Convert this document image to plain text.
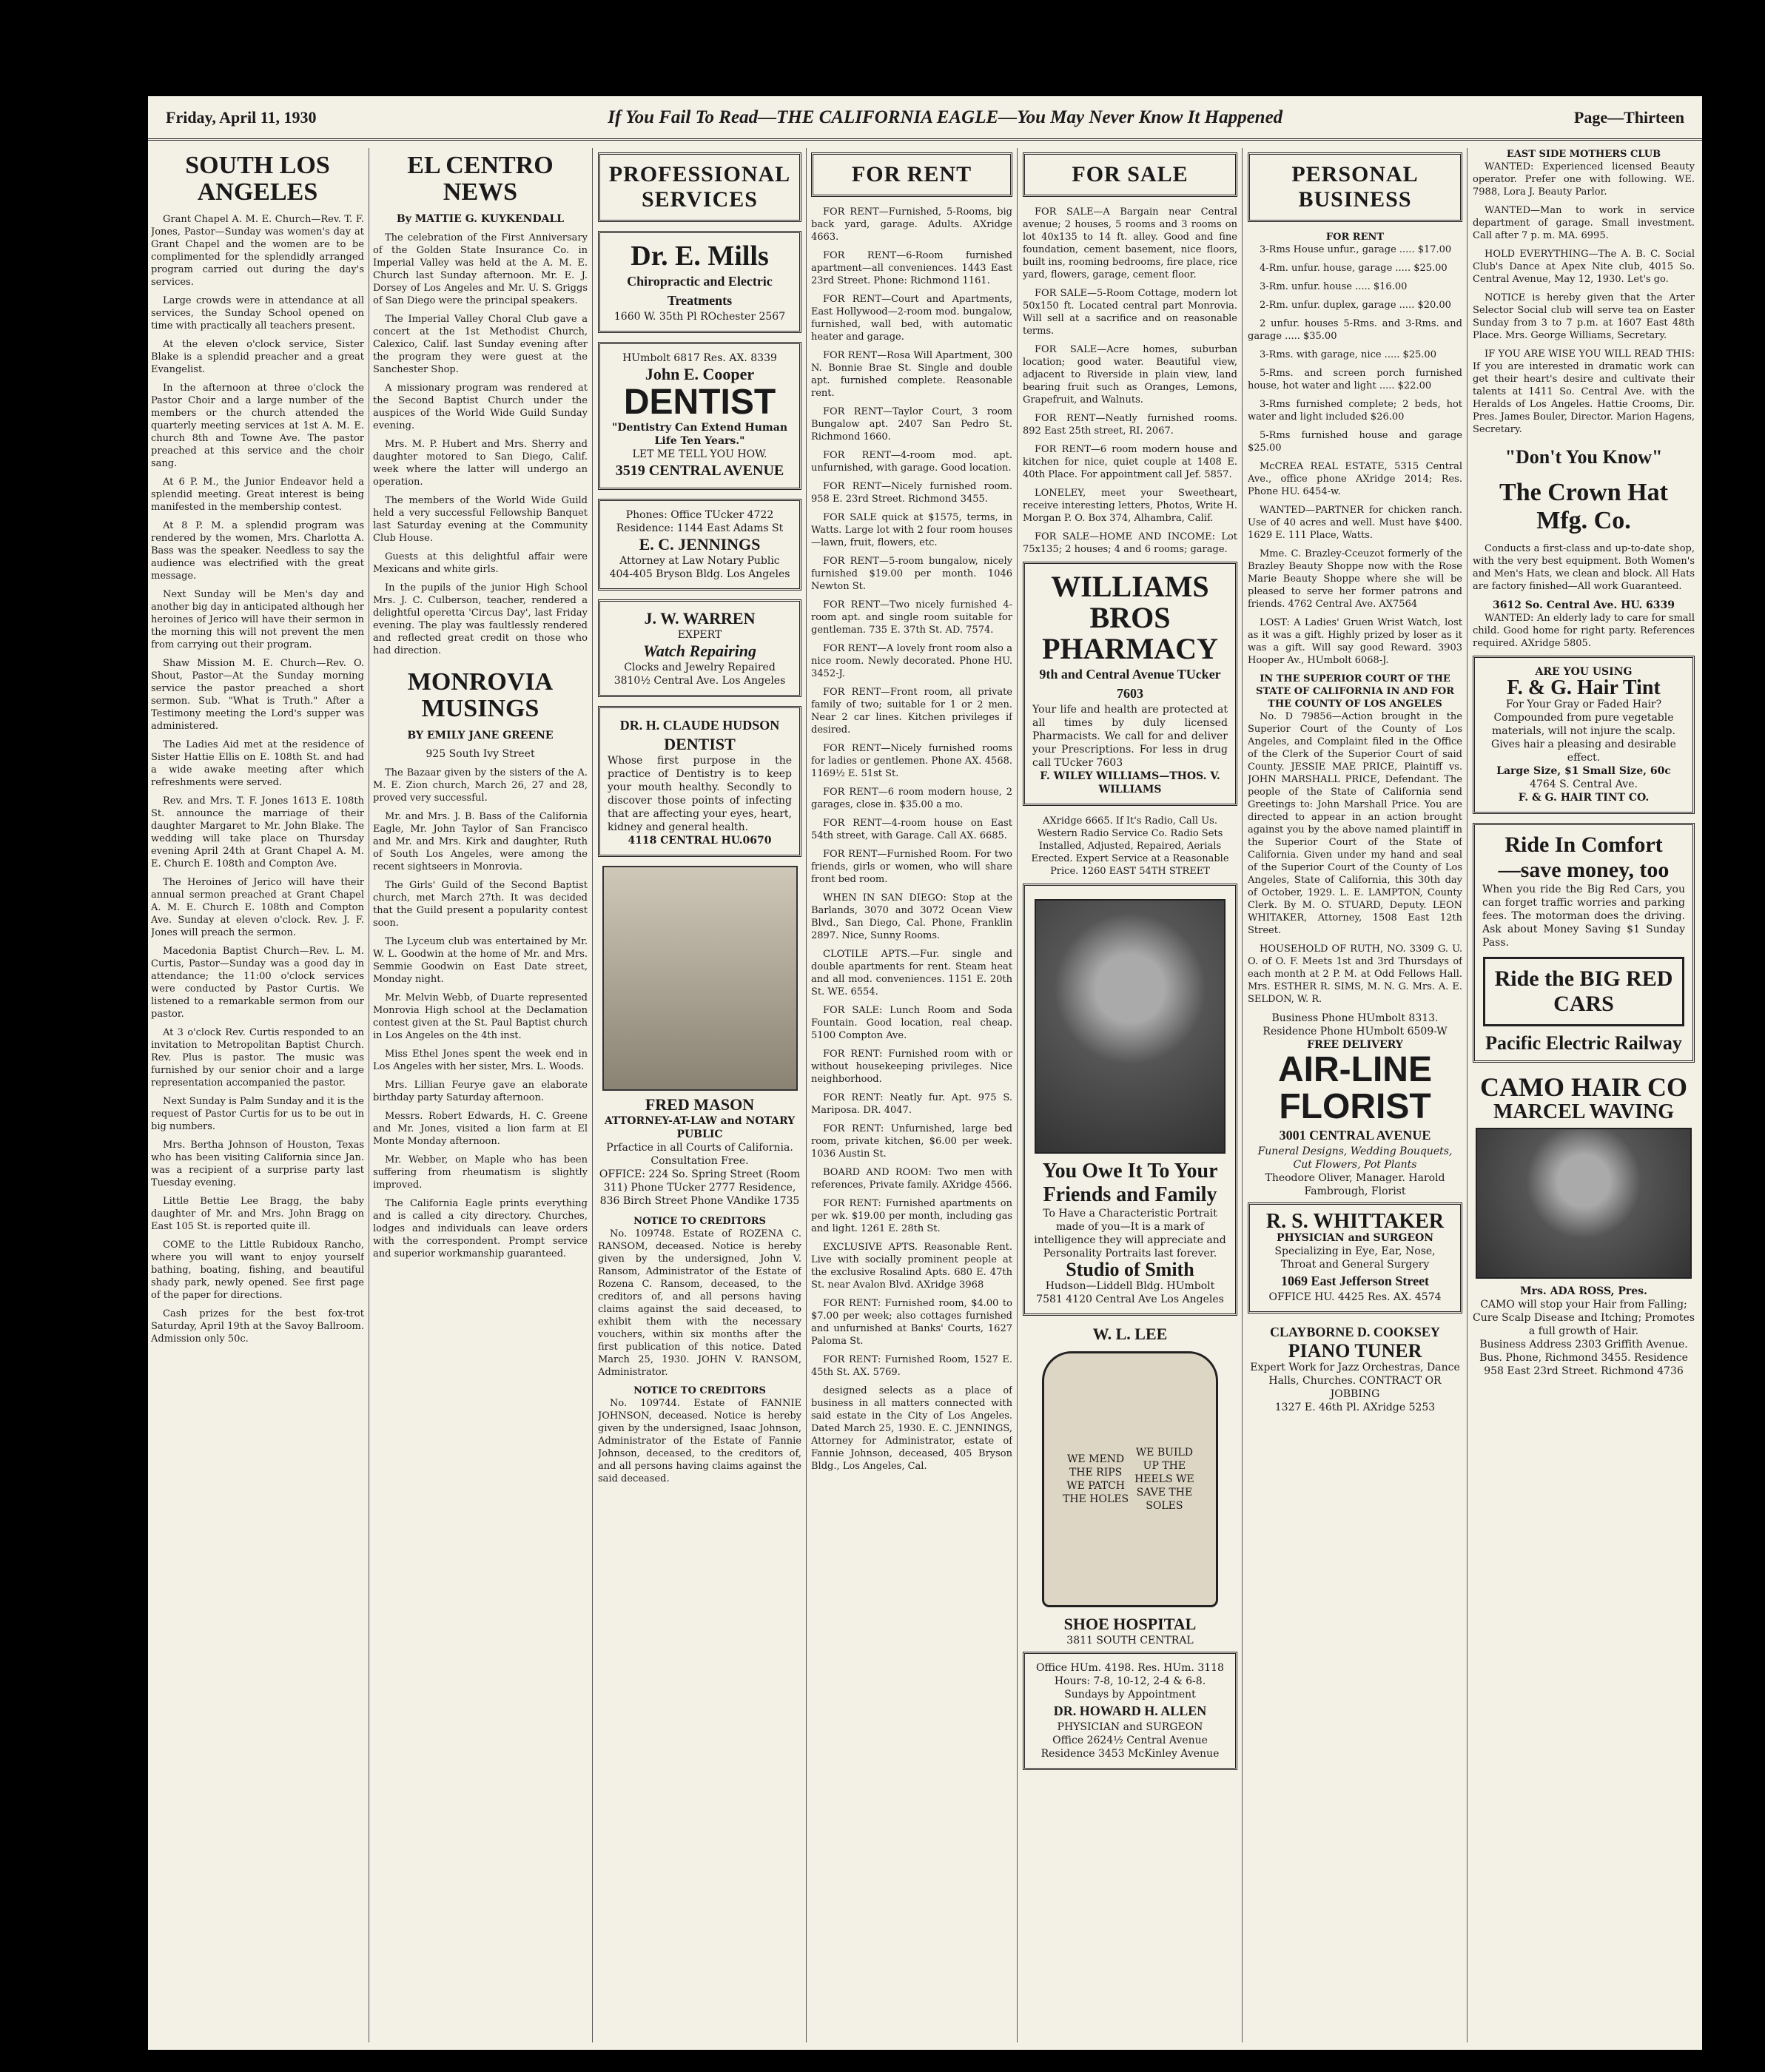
Friday, April 11, 1930	If You Fail To Read—THE CALIFORNIA EAGLE—You May Never Know It Happened	Page—Thirteen
SOUTH LOS ANGELES

Grant Chapel A. M. E. Church—Rev. T. F. Jones, Pastor—Sunday was women's day at Grant Chapel and the women are to be complimented for the splendidly arranged program carried out during the day's services.

Large crowds were in attendance at all services, the Sunday School opened on time with practically all teachers present.

At the eleven o'clock service, Sister Blake is a splendid preacher and a great Evangelist.

In the afternoon at three o'clock the Pastor Choir and a large number of the members or the church attended the quarterly meeting services at 1st A. M. E. church 8th and Towne Ave. The pastor preached at this service and the choir sang.

At 6 P. M., the Junior Endeavor held a splendid meeting. Great interest is being manifested in the membership contest.

At 8 P. M. a splendid program was rendered by the women, Mrs. Charlotta A. Bass was the speaker. Needless to say the audience was electrified with the great message.

Next Sunday will be Men's day and another big day in anticipated although her heroines of Jerico will have their sermon in the morning this will not prevent the men from carrying out their program.

Shaw Mission M. E. Church—Rev. O. Shout, Pastor—At the Sunday morning service the pastor preached a short sermon. Sub. "What is Truth." After a Testimony meeting the Lord's supper was administered.

The Ladies Aid met at the residence of Sister Hattie Ellis on E. 108th St. and had a wide awake meeting after which refreshments were served.

Rev. and Mrs. T. F. Jones 1613 E. 108th St. announce the marriage of their daughter Margaret to Mr. John Blake. The wedding will take place on Thursday evening April 24th at Grant Chapel A. M. E. Church E. 108th and Compton Ave.

The Heroines of Jerico will have their annual sermon preached at Grant Chapel A. M. E. Church E. 108th and Compton Ave. Sunday at eleven o'clock. Rev. J. F. Jones will preach the sermon.

Macedonia Baptist Church—Rev. L. M. Curtis, Pastor—Sunday was a good day in attendance; the 11:00 o'clock services were conducted by Pastor Curtis. We listened to a remarkable sermon from our pastor.

At 3 o'clock Rev. Curtis responded to an invitation to Metropolitan Baptist Church. Rev. Plus is pastor. The music was furnished by our senior choir and a large representation accompanied the pastor.

Next Sunday is Palm Sunday and it is the request of Pastor Curtis for us to be out in big numbers.

Mrs. Bertha Johnson of Houston, Texas who has been visiting California since Jan. was a recipient of a surprise party last Tuesday evening.

Little Bettie Lee Bragg, the baby daughter of Mr. and Mrs. John Bragg on East 105 St. is reported quite ill.

COME to the Little Rubidoux Rancho, where you will want to enjoy yourself bathing, boating, fishing, and beautiful shady park, newly opened. See first page of the paper for directions.

Cash prizes for the best fox-trot Saturday, April 19th at the Savoy Ballroom. Admission only 50c.

EL CENTRO NEWS
By MATTIE G. KUYKENDALL

The celebration of the First Anniversary of the Golden State Insurance Co. in Imperial Valley was held at the A. M. E. Church last Sunday afternoon. Mr. E. J. Dorsey of Los Angeles and Mr. U. S. Griggs of San Diego were the principal speakers.

The Imperial Valley Choral Club gave a concert at the 1st Methodist Church, Calexico, Calif. last Sunday evening after the program they were guest at the Sanchester Shop.

A missionary program was rendered at the Second Baptist Church under the auspices of the World Wide Guild Sunday evening.

Mrs. M. P. Hubert and Mrs. Sherry and daughter motored to San Diego, Calif. week where the latter will undergo an operation.

The members of the World Wide Guild held a very successful Fellowship Banquet last Saturday evening at the Community Club House.

Guests at this delightful affair were Mexicans and white girls.

In the pupils of the junior High School Mrs. J. C. Culberson, teacher, rendered a delightful operetta 'Circus Day', last Friday evening. The play was faultlessly rendered and reflected great credit on those who had direction.

MONROVIA MUSINGS
BY EMILY JANE GREENE
925 South Ivy Street

The Bazaar given by the sisters of the A. M. E. Zion church, March 26, 27 and 28, proved very successful.

Mr. and Mrs. J. B. Bass of the California Eagle, Mr. John Taylor of San Francisco and Mr. and Mrs. Kirk and daughter, Ruth of South Los Angeles, were among the recent sightseers in Monrovia.

The Girls' Guild of the Second Baptist church, met March 27th. It was decided that the Guild present a popularity contest soon.

The Lyceum club was entertained by Mr. W. L. Goodwin at the home of Mr. and Mrs. Semmie Goodwin on East Date street, Monday night.

Mr. Melvin Webb, of Duarte represented Monrovia High school at the Declamation contest given at the St. Paul Baptist church in Los Angeles on the 4th inst.

Miss Ethel Jones spent the week end in Los Angeles with her sister, Mrs. L. Woods.

Mrs. Lillian Feurye gave an elaborate birthday party Saturday afternoon.

Messrs. Robert Edwards, H. C. Greene and Mr. Jones, visited a lion farm at El Monte Monday afternoon.

Mr. Webber, on Maple who has been suffering from rheumatism is slightly improved.

The California Eagle prints everything and is called a city directory. Churches, lodges and individuals can leave orders with the correspondent. Prompt service and superior workmanship guaranteed.

PROFESSIONAL SERVICES
Dr. E. Mills
Chiropractic and Electric Treatments
1660 W. 35th Pl ROchester 2567
HUmbolt 6817 Res. AX. 8339
John E. Cooper
DENTIST
"Dentistry Can Extend Human Life Ten Years."
LET ME TELL YOU HOW.
3519 CENTRAL AVENUE
Phones: Office TUcker 4722 Residence: 1144 East Adams St
E. C. JENNINGS
Attorney at Law Notary Public
404-405 Bryson Bldg. Los Angeles
J. W. WARREN
EXPERT
Watch Repairing
Clocks and Jewelry Repaired
3810½ Central Ave. Los Angeles
DR. H. CLAUDE HUDSON
DENTIST
Whose first purpose in the practice of Dentistry is to keep your mouth healthy. Secondly to discover those points of infecting that are affecting your eyes, heart, kidney and general health.
4118 CENTRAL HU.0670
FRED MASON
ATTORNEY-AT-LAW and NOTARY PUBLIC
Prfactice in all Courts of California. Consultation Free.
OFFICE: 224 So. Spring Street (Room 311) Phone TUcker 2777 Residence, 836 Birch Street Phone VAndike 1735
NOTICE TO CREDITORS

No. 109748. Estate of ROZENA C. RANSOM, deceased. Notice is hereby given by the undersigned, John V. Ransom, Administrator of the Estate of Rozena C. Ransom, deceased, to the creditors of, and all persons having claims against the said deceased, to exhibit them with the necessary vouchers, within six months after the first publication of this notice. Dated March 25, 1930. JOHN V. RANSOM, Administrator.

NOTICE TO CREDITORS

No. 109744. Estate of FANNIE JOHNSON, deceased. Notice is hereby given by the undersigned, Isaac Johnson, Administrator of the Estate of Fannie Johnson, deceased, to the creditors of, and all persons having claims against the said deceased.

FOR RENT

FOR RENT—Furnished, 5-Rooms, big back yard, garage. Adults. AXridge 4663.

FOR RENT—6-Room furnished apartment—all conveniences. 1443 East 23rd Street. Phone: Richmond 1161.

FOR RENT—Court and Apartments, East Hollywood—2-room mod. bungalow, furnished, wall bed, with automatic heater and garage.

FOR RENT—Rosa Will Apartment, 300 N. Bonnie Brae St. Single and double apt. furnished complete. Reasonable rent.

FOR RENT—Taylor Court, 3 room Bungalow apt. 2407 San Pedro St. Richmond 1660.

FOR RENT—4-room mod. apt. unfurnished, with garage. Good location.

FOR RENT—Nicely furnished room. 958 E. 23rd Street. Richmond 3455.

FOR SALE quick at $1575, terms, in Watts. Large lot with 2 four room houses—lawn, fruit, flowers, etc.

FOR RENT—5-room bungalow, nicely furnished $19.00 per month. 1046 Newton St.

FOR RENT—Two nicely furnished 4-room apt. and single room suitable for gentleman. 735 E. 37th St. AD. 7574.

FOR RENT—A lovely front room also a nice room. Newly decorated. Phone HU. 3452-J.

FOR RENT—Front room, all private family of two; suitable for 1 or 2 men. Near 2 car lines. Kitchen privileges if desired.

FOR RENT—Nicely furnished rooms for ladies or gentlemen. Phone AX. 4568. 1169½ E. 51st St.

FOR RENT—6 room modern house, 2 garages, close in. $35.00 a mo.

FOR RENT—4-room house on East 54th street, with Garage. Call AX. 6685.

FOR RENT—Furnished Room. For two friends, girls or women, who will share front bed room.

WHEN IN SAN DIEGO: Stop at the Barlands, 3070 and 3072 Ocean View Blvd., San Diego, Cal. Phone, Franklin 2897. Nice, Sunny Rooms.

CLOTILE APTS.—Fur. single and double apartments for rent. Steam heat and all mod. conveniences. 1151 E. 20th St. WE. 6554.

FOR SALE: Lunch Room and Soda Fountain. Good location, real cheap. 5100 Compton Ave.

FOR RENT: Furnished room with or without housekeeping privileges. Nice neighborhood.

FOR RENT: Neatly fur. Apt. 975 S. Mariposa. DR. 4047.

FOR RENT: Unfurnished, large bed room, private kitchen, $6.00 per week. 1036 Austin St.

BOARD AND ROOM: Two men with references, Private family. AXridge 4566.

FOR RENT: Furnished apartments on per wk. $19.00 per month, including gas and light. 1261 E. 28th St.

EXCLUSIVE APTS. Reasonable Rent. Live with socially prominent people at the exclusive Rosalind Apts. 680 E. 47th St. near Avalon Blvd. AXridge 3968

FOR RENT: Furnished room, $4.00 to $7.00 per week; also cottages furnished and unfurnished at Banks' Courts, 1627 Paloma St.

FOR RENT: Furnished Room, 1527 E. 45th St. AX. 5769.

designed selects as a place of business in all matters connected with said estate in the City of Los Angeles. Dated March 25, 1930. E. C. JENNINGS, Attorney for Administrator, estate of Fannie Johnson, deceased, 405 Bryson Bldg., Los Angeles, Cal.

FOR SALE

FOR SALE—A Bargain near Central avenue; 2 houses, 5 rooms and 3 rooms on lot 40x135 to 14 ft. alley. Good and fine foundation, cement basement, nice floors, built ins, rooming bedrooms, fire place, rice yard, flowers, garage, cement floor.

FOR SALE—5-Room Cottage, modern lot 50x150 ft. Located central part Monrovia. Will sell at a sacrifice and on reasonable terms.

FOR SALE—Acre homes, suburban location; good water. Beautiful view, adjacent to Riverside in plain view, land bearing fruit such as Oranges, Lemons, Grapefruit, and Walnuts.

FOR RENT—Neatly furnished rooms. 892 East 25th street, RI. 2067.

FOR RENT—6 room modern house and kitchen for nice, quiet couple at 1408 E. 40th Place. For appointment call Jef. 5857.

LONELEY, meet your Sweetheart, receive interesting letters, Photos, Write H. Morgan P. O. Box 374, Alhambra, Calif.

FOR SALE—HOME AND INCOME: Lot 75x135; 2 houses; 4 and 6 rooms; garage.

WILLIAMS BROS PHARMACY
9th and Central Avenue TUcker 7603
Your life and health are protected at all times by duly licensed Pharmacists. We call for and deliver your Prescriptions. For less in drug call TUcker 7603
F. WILEY WILLIAMS—THOS. V. WILLIAMS

AXridge 6665. If It's Radio, Call Us. Western Radio Service Co. Radio Sets Installed, Adjusted, Repaired, Aerials Erected. Expert Service at a Reasonable Price. 1260 EAST 54TH STREET

You Owe It To Your Friends and Family
To Have a Characteristic Portrait made of you—It is a mark of intelligence they will appreciate and Personality Portraits last forever.
Studio of Smith
Hudson—Liddell Bldg. HUmbolt 7581 4120 Central Ave Los Angeles
W. L. LEE
WE MEND THE RIPS WE PATCH THE HOLES
WE BUILD UP THE HEELS WE SAVE THE SOLES
SHOE HOSPITAL
3811 SOUTH CENTRAL
Office HUm. 4198. Res. HUm. 3118
Hours: 7-8, 10-12, 2-4 & 6-8. Sundays by Appointment
DR. HOWARD H. ALLEN
PHYSICIAN and SURGEON
Office 2624½ Central Avenue Residence 3453 McKinley Avenue
PERSONAL BUSINESS
FOR RENT

3-Rms House unfur., garage ..... $17.00

4-Rm. unfur. house, garage ..... $25.00

3-Rm. unfur. house ..... $16.00

2-Rm. unfur. duplex, garage ..... $20.00

2 unfur. houses 5-Rms. and 3-Rms. and garage ..... $35.00

3-Rms. with garage, nice ..... $25.00

5-Rms. and screen porch furnished house, hot water and light ..... $22.00

3-Rms furnished complete; 2 beds, hot water and light included $26.00

5-Rms furnished house and garage $25.00

McCREA REAL ESTATE, 5315 Central Ave., office phone AXridge 2014; Res. Phone HU. 6454-w.

WANTED—PARTNER for chicken ranch. Use of 40 acres and well. Must have $400. 1629 E. 111 Place, Watts.

Mme. C. Brazley-Cceuzot formerly of the Brazley Beauty Shoppe now with the Rose Marie Beauty Shoppe where she will be pleased to serve her former patrons and friends. 4762 Central Ave. AX7564

LOST: A Ladies' Gruen Wrist Watch, lost as it was a gift. Highly prized by loser as it was a gift. Will say good Reward. 3903 Hooper Av., HUmbolt 6068-J.

IN THE SUPERIOR COURT OF THE STATE OF CALIFORNIA IN AND FOR THE COUNTY OF LOS ANGELES

No. D 79856—Action brought in the Superior Court of the County of Los Angeles, and Complaint filed in the Office of the Clerk of the Superior Court of said County. JESSIE MAE PRICE, Plaintiff vs. JOHN MARSHALL PRICE, Defendant. The people of the State of California send Greetings to: John Marshall Price. You are directed to appear in an action brought against you by the above named plaintiff in the Superior Court of the State of California. Given under my hand and seal of the Superior Court of the County of Los Angeles, State of California, this 30th day of October, 1929. L. E. LAMPTON, County Clerk. By M. O. STUARD, Deputy. LEON WHITAKER, Attorney, 1508 East 12th Street.

HOUSEHOLD OF RUTH, NO. 3309 G. U. O. of O. F. Meets 1st and 3rd Thursdays of each month at 2 P. M. at Odd Fellows Hall. Mrs. ESTHER R. SIMS, M. N. G. Mrs. A. E. SELDON, W. R.

Business Phone HUmbolt 8313. Residence Phone HUmbolt 6509-W
FREE DELIVERY
AIR-LINE FLORIST
3001 CENTRAL AVENUE
Funeral Designs, Wedding Bouquets, Cut Flowers, Pot Plants
Theodore Oliver, Manager. Harold Fambrough, Florist
R. S. WHITTAKER
PHYSICIAN and SURGEON
Specializing in Eye, Ear, Nose, Throat and General Surgery
1069 East Jefferson Street
OFFICE HU. 4425 Res. AX. 4574
CLAYBORNE D. COOKSEY
PIANO TUNER
Expert Work for Jazz Orchestras, Dance Halls, Churches. CONTRACT OR JOBBING
1327 E. 46th Pl. AXridge 5253
EAST SIDE MOTHERS CLUB

WANTED: Experienced licensed Beauty operator. Prefer one with following. WE. 7988, Lora J. Beauty Parlor.

WANTED—Man to work in service department of garage. Small investment. Call after 7 p. m. MA. 6995.

HOLD EVERYTHING—The A. B. C. Social Club's Dance at Apex Nite club, 4015 So. Central Avenue, May 12, 1930. Let's go.

NOTICE is hereby given that the Arter Selector Social club will serve tea on Easter Sunday from 3 to 7 p.m. at 1607 East 48th Place. Mrs. George Williams, Secretary.

IF YOU ARE WISE YOU WILL READ THIS: If you are interested in dramatic work can get their heart's desire and cultivate their talents at 1411 So. Central Ave. with the Heralds of Los Angeles. Hattie Crooms, Dir. Pres. James Bouler, Director. Marion Hagens, Secretary.

"Don't You Know"
The Crown Hat Mfg. Co.

Conducts a first-class and up-to-date shop, with the very best equipment. Both Women's and Men's Hats, we clean and block. All Hats are factory finished—All work Guaranteed.

3612 So. Central Ave. HU. 6339

WANTED: An elderly lady to care for small child. Good home for right party. References required. AXridge 5805.

ARE YOU USING
F. & G. Hair Tint
For Your Gray or Faded Hair? Compounded from pure vegetable materials, will not injure the scalp. Gives hair a pleasing and desirable effect.
Large Size, $1 Small Size, 60c
4764 S. Central Ave.
F. & G. HAIR TINT CO.
Ride In Comfort
—save money, too
When you ride the Big Red Cars, you can forget traffic worries and parking fees. The motorman does the driving. Ask about Money Saving $1 Sunday Pass.
Ride the BIG RED CARS
Pacific Electric Railway
CAMO HAIR CO
MARCEL WAVING
Mrs. ADA ROSS, Pres.
CAMO will stop your Hair from Falling; Cure Scalp Disease and Itching; Promotes a full growth of Hair.
Business Address 2303 Griffith Avenue. Bus. Phone, Richmond 3455. Residence 958 East 23rd Street. Richmond 4736
